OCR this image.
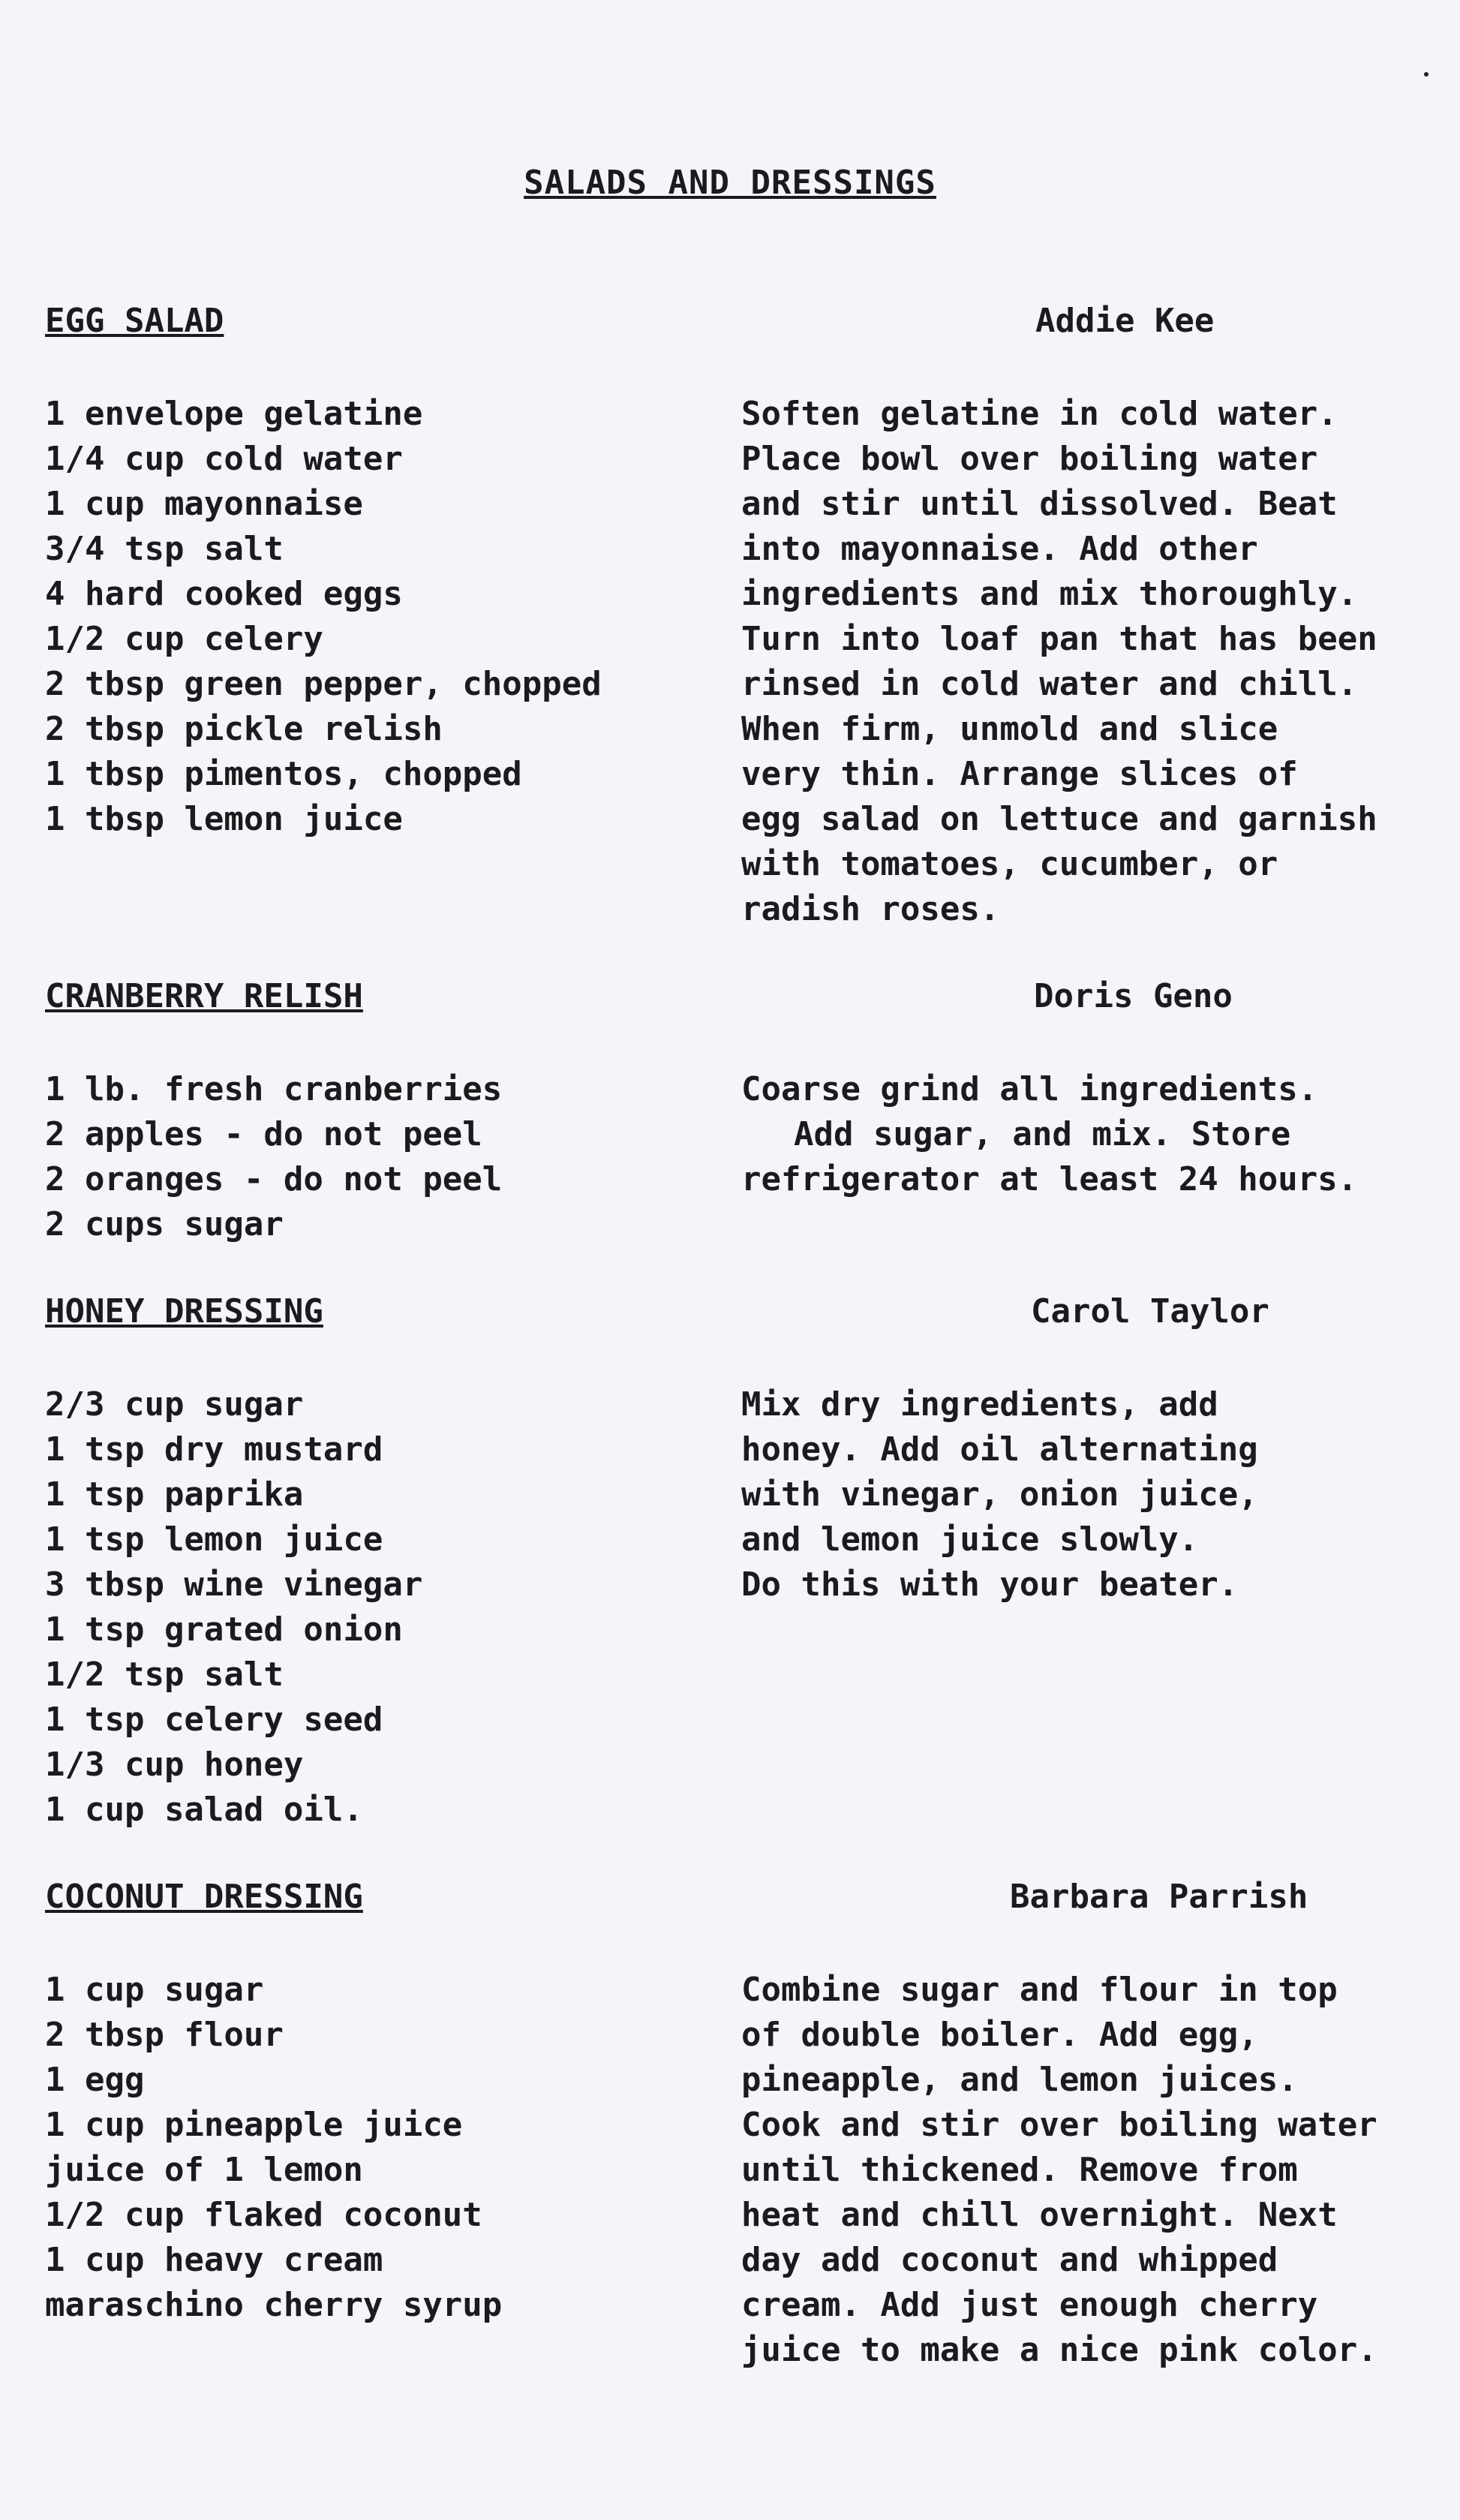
SALADS AND DRESSINGS
EGG SALAD	Addie Kee
1 envelope gelatine
1/4 cup cold water
1 cup mayonnaise
3/4 tsp salt
4 hard cooked eggs
1/2 cup celery
2 tbsp green pepper, chopped
2 tbsp pickle relish
1 tbsp pimentos, chopped
1 tbsp lemon juice
Soften gelatine in cold water.
Place bowl over boiling water
and stir until dissolved. Beat
into mayonnaise. Add other
ingredients and mix thoroughly.
Turn into loaf pan that has been
rinsed in cold water and chill.
When firm, unmold and slice
very thin. Arrange slices of
egg salad on lettuce and garnish
with tomatoes, cucumber, or
radish roses.
CRANBERRY RELISH	Doris Geno
1 lb. fresh cranberries
2 apples - do not peel
2 oranges - do not peel
2 cups sugar
Coarse grind all ingredients.
Add sugar, and mix. Store
refrigerator at least 24 hours.
HONEY DRESSING	Carol Taylor
2/3 cup sugar
1 tsp dry mustard
1 tsp paprika
1 tsp lemon juice
3 tbsp wine vinegar
1 tsp grated onion
1/2 tsp salt
1 tsp celery seed
1/3 cup honey
1 cup salad oil.
Mix dry ingredients, add
honey. Add oil alternating
with vinegar, onion juice,
and lemon juice slowly.
Do this with your beater.
COCONUT DRESSING	Barbara Parrish
1 cup sugar
2 tbsp flour
1 egg
1 cup pineapple juice
juice of 1 lemon
1/2 cup flaked coconut
1 cup heavy cream
maraschino cherry syrup
Combine sugar and flour in top
of double boiler. Add egg,
pineapple, and lemon juices.
Cook and stir over boiling water
until thickened. Remove from
heat and chill overnight. Next
day add coconut and whipped
cream. Add just enough cherry
juice to make a nice pink color.
